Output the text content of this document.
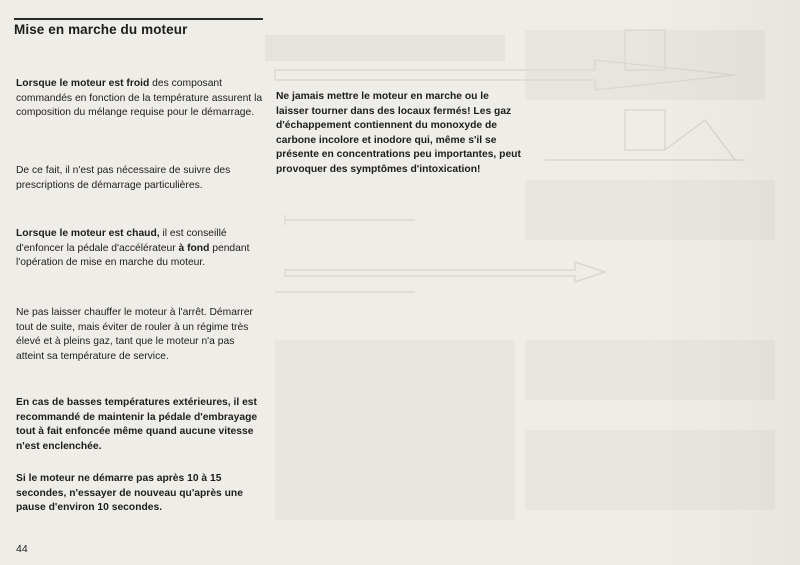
Mise en marche du moteur

Lorsque le moteur est froid des composant commandés en fonction de la température assurent la composition du mélange requise pour le démarrage.

De ce fait, il n'est pas nécessaire de suivre des prescriptions de démarrage particulières.

Lorsque le moteur est chaud, il est conseillé d'enfoncer la pédale d'accélérateur à fond pendant l'opération de mise en marche du moteur.

Ne pas laisser chauffer le moteur à l'arrêt. Démarrer tout de suite, mais éviter de rouler à un régime très élevé et à pleins gaz, tant que le moteur n'a pas atteint sa température de service.

En cas de basses températures extérieures, il est recommandé de maintenir la pédale d'embrayage tout à fait enfoncée même quand aucune vitesse n'est enclenchée.

Si le moteur ne démarre pas après 10 à 15 secondes, n'essayer de nouveau qu'après une pause d'environ 10 secondes.

Ne jamais mettre le moteur en marche ou le laisser tourner dans des locaux fermés! Les gaz d'échappement contiennent du monoxyde de carbone incolore et inodore qui, même s'il se présente en concentrations peu importantes, peut provoquer des symptômes d'intoxication!

44
